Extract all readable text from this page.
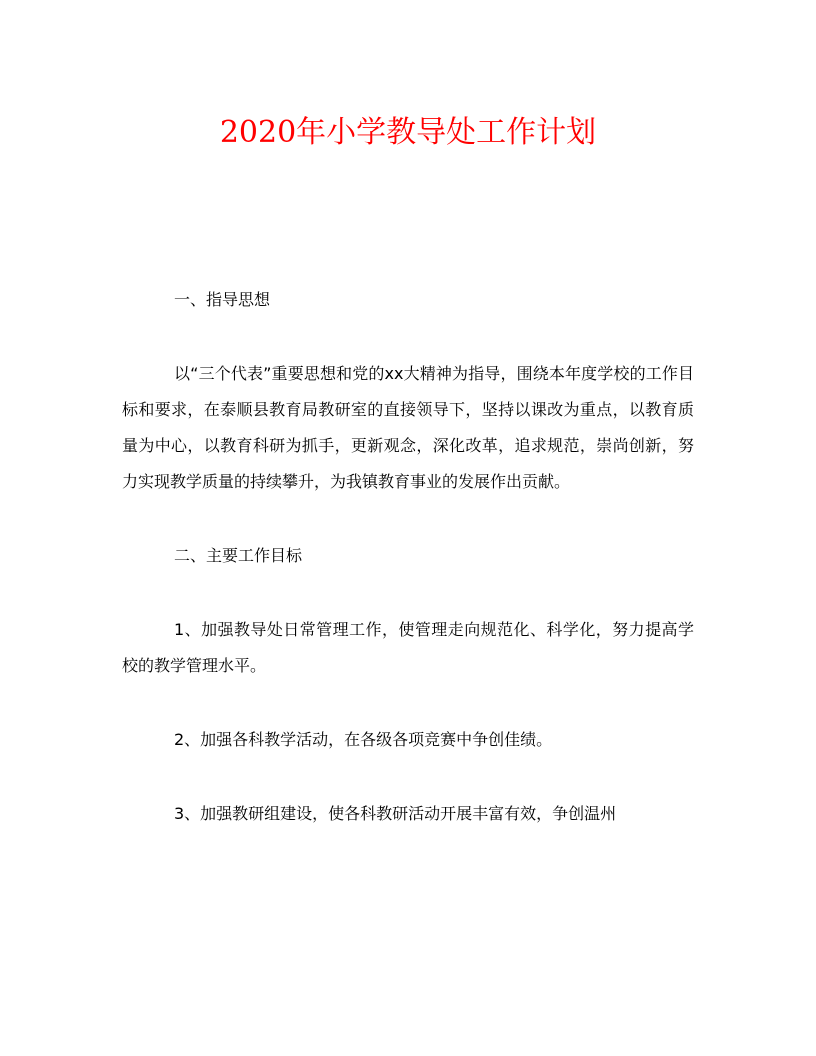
2020年小学教导处工作计划

一、指导思想

以“三个代表”重要思想和党的xx大精神为指导，围绕本年度学校的工作目标和要求，在泰顺县教育局教研室的直接领导下，坚持以课改为重点，以教育质量为中心，以教育科研为抓手，更新观念，深化改革，追求规范，崇尚创新，努力实现教学质量的持续攀升，为我镇教育事业的发展作出贡献。

二、主要工作目标

1、加强教导处日常管理工作，使管理走向规范化、科学化，努力提高学校的教学管理水平。

2、加强各科教学活动，在各级各项竞赛中争创佳绩。

3、加强教研组建设，使各科教研活动开展丰富有效，争创温州
